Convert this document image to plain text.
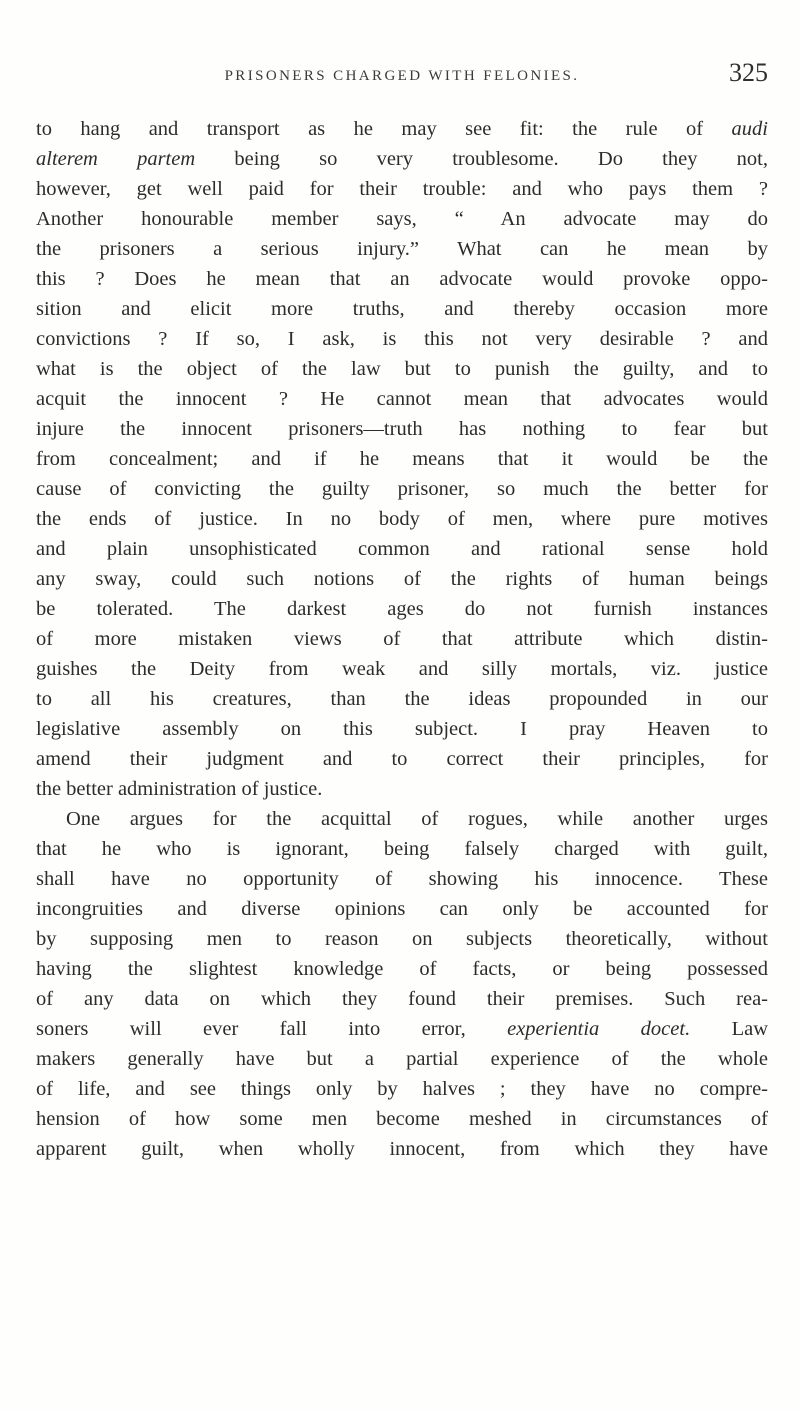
PRISONERS CHARGED WITH FELONIES.	325
to hang and transport as he may see fit: the rule of audi
alterem partem being so very troublesome. Do they not,
however, get well paid for their trouble: and who pays them ?
Another honourable member says, “ An advocate may do
the prisoners a serious injury.” What can he mean by
this ? Does he mean that an advocate would provoke oppo-
sition and elicit more truths, and thereby occasion more
convictions ? If so, I ask, is this not very desirable ? and
what is the object of the law but to punish the guilty, and to
acquit the innocent ? He cannot mean that advocates would
injure the innocent prisoners—truth has nothing to fear but
from concealment; and if he means that it would be the
cause of convicting the guilty prisoner, so much the better for
the ends of justice. In no body of men, where pure motives
and plain unsophisticated common and rational sense hold
any sway, could such notions of the rights of human beings
be tolerated. The darkest ages do not furnish instances
of more mistaken views of that attribute which distin-
guishes the Deity from weak and silly mortals, viz. justice
to all his creatures, than the ideas propounded in our
legislative assembly on this subject. I pray Heaven to
amend their judgment and to correct their principles, for
the better administration of justice.
One argues for the acquittal of rogues, while another urges
that he who is ignorant, being falsely charged with guilt,
shall have no opportunity of showing his innocence. These
incongruities and diverse opinions can only be accounted for
by supposing men to reason on subjects theoretically, without
having the slightest knowledge of facts, or being possessed
of any data on which they found their premises. Such rea-
soners will ever fall into error, experientia docet. Law
makers generally have but a partial experience of the whole
of life, and see things only by halves ; they have no compre-
hension of how some men become meshed in circumstances of
apparent guilt, when wholly innocent, from which they have
